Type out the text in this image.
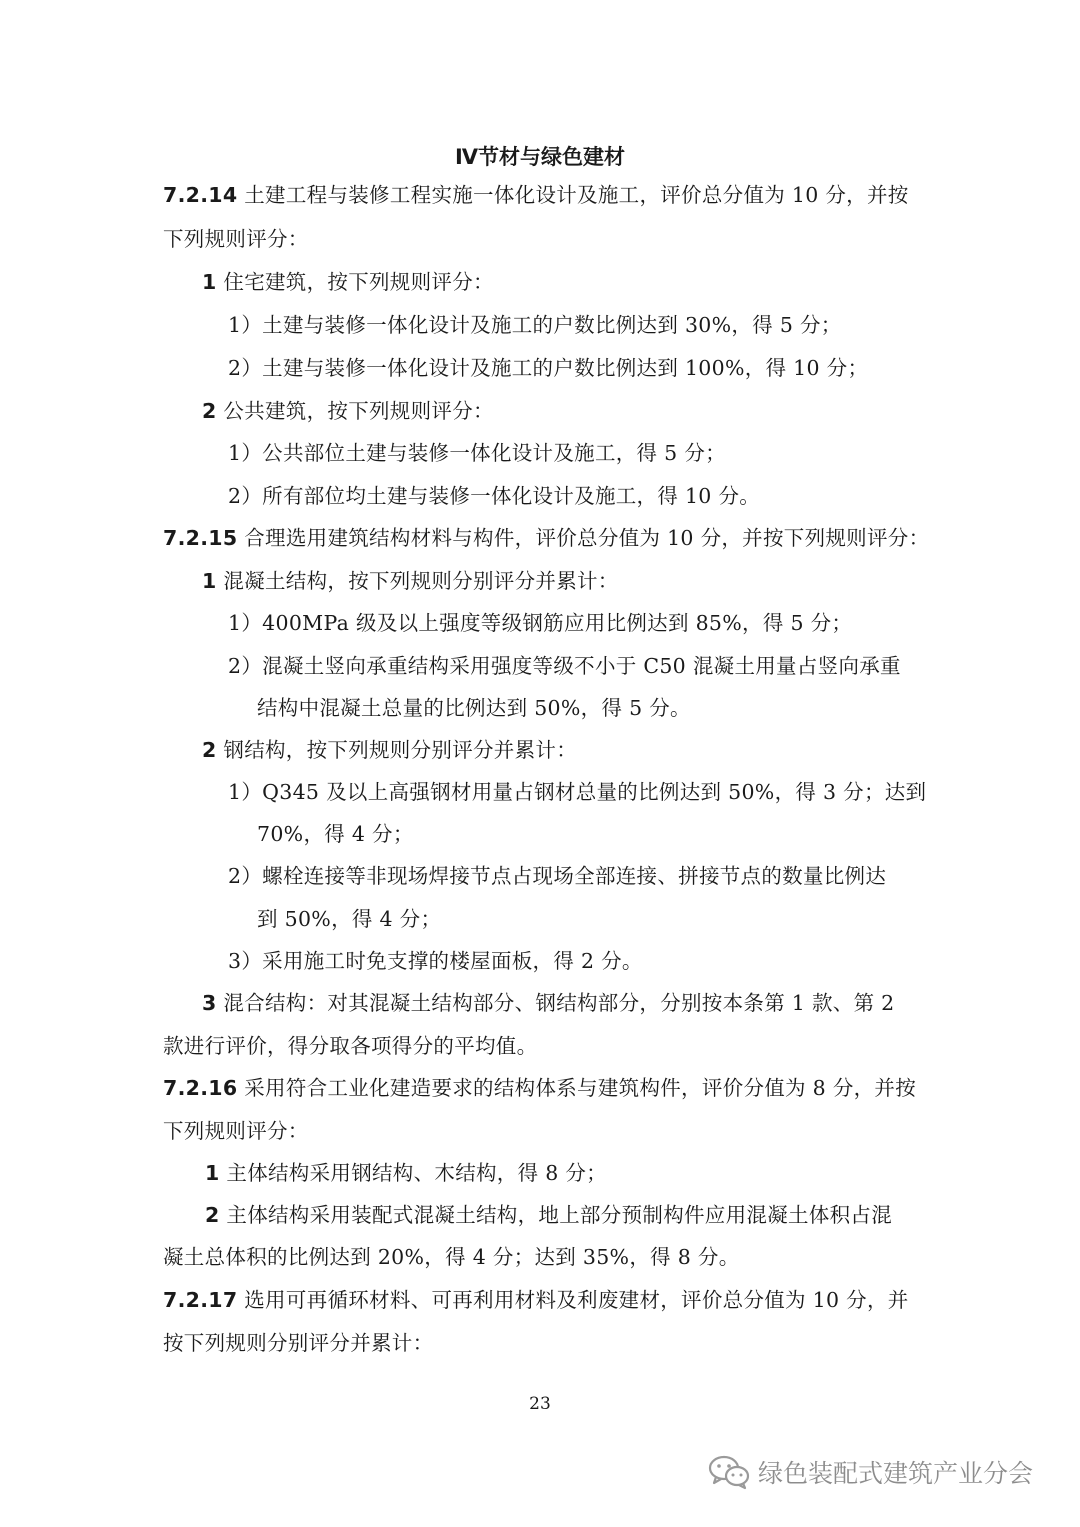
Ⅳ节材与绿色建材
7.2.14 土建工程与装修工程实施一体化设计及施工，评价总分值为 10 分，并按
下列规则评分：
1 住宅建筑，按下列规则评分：
1）土建与装修一体化设计及施工的户数比例达到 30%，得 5 分；
2）土建与装修一体化设计及施工的户数比例达到 100%，得 10 分；
2 公共建筑，按下列规则评分：
1）公共部位土建与装修一体化设计及施工，得 5 分；
2）所有部位均土建与装修一体化设计及施工，得 10 分。
7.2.15 合理选用建筑结构材料与构件，评价总分值为 10 分，并按下列规则评分：
1 混凝土结构，按下列规则分别评分并累计：
1）400MPa 级及以上强度等级钢筋应用比例达到 85%，得 5 分；
2）混凝土竖向承重结构采用强度等级不小于 C50 混凝土用量占竖向承重
结构中混凝土总量的比例达到 50%，得 5 分。
2 钢结构，按下列规则分别评分并累计：
1）Q345 及以上高强钢材用量占钢材总量的比例达到 50%，得 3 分；达到
70%，得 4 分；
2）螺栓连接等非现场焊接节点占现场全部连接、拼接节点的数量比例达
到 50%，得 4 分；
3）采用施工时免支撑的楼屋面板，得 2 分。
3 混合结构：对其混凝土结构部分、钢结构部分，分别按本条第 1 款、第 2
款进行评价，得分取各项得分的平均值。
7.2.16 采用符合工业化建造要求的结构体系与建筑构件，评价分值为 8 分，并按
下列规则评分：
1 主体结构采用钢结构、木结构，得 8 分；
2 主体结构采用装配式混凝土结构，地上部分预制构件应用混凝土体积占混
凝土总体积的比例达到 20%，得 4 分；达到 35%，得 8 分。
7.2.17 选用可再循环材料、可再利用材料及利废建材，评价总分值为 10 分，并
按下列规则分别评分并累计：
23
绿色装配式建筑产业分会
